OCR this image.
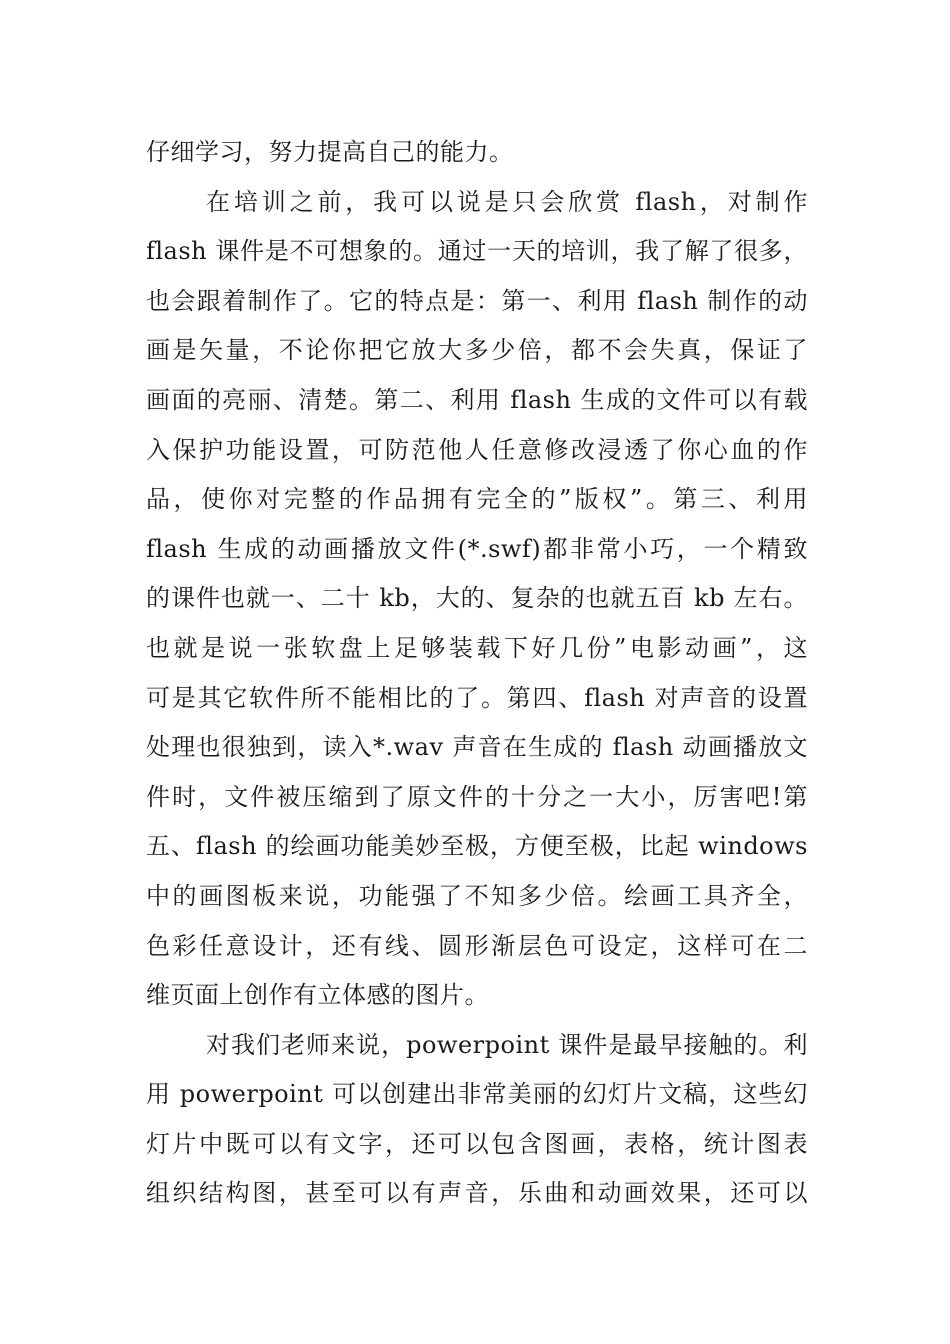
仔细学习，努力提高自己的能力。
在培训之前，我可以说是只会欣赏 flash，对制作
flash 课件是不可想象的。通过一天的培训，我了解了很多，
也会跟着制作了。它的特点是：第一、利用 flash 制作的动
画是矢量，不论你把它放大多少倍，都不会失真，保证了
画面的亮丽、清楚。第二、利用 flash 生成的文件可以有载
入保护功能设置，可防范他人任意修改浸透了你心血的作
品，使你对完整的作品拥有完全的”版权”。第三、利用
flash 生成的动画播放文件(*.swf)都非常小巧，一个精致
的课件也就一、二十 kb，大的、复杂的也就五百 kb 左右。
也就是说一张软盘上足够装载下好几份”电影动画”，这
可是其它软件所不能相比的了。第四、flash 对声音的设置
处理也很独到，读入*.wav 声音在生成的 flash 动画播放文
件时，文件被压缩到了原文件的十分之一大小，厉害吧!第
五、flash 的绘画功能美妙至极，方便至极，比起 windows
中的画图板来说，功能强了不知多少倍。绘画工具齐全，
色彩任意设计，还有线、圆形渐层色可设定，这样可在二
维页面上创作有立体感的图片。
对我们老师来说，powerpoint 课件是最早接触的。利
用 powerpoint 可以创建出非常美丽的幻灯片文稿，这些幻
灯片中既可以有文字，还可以包含图画，表格，统计图表
组织结构图，甚至可以有声音，乐曲和动画效果，还可以
